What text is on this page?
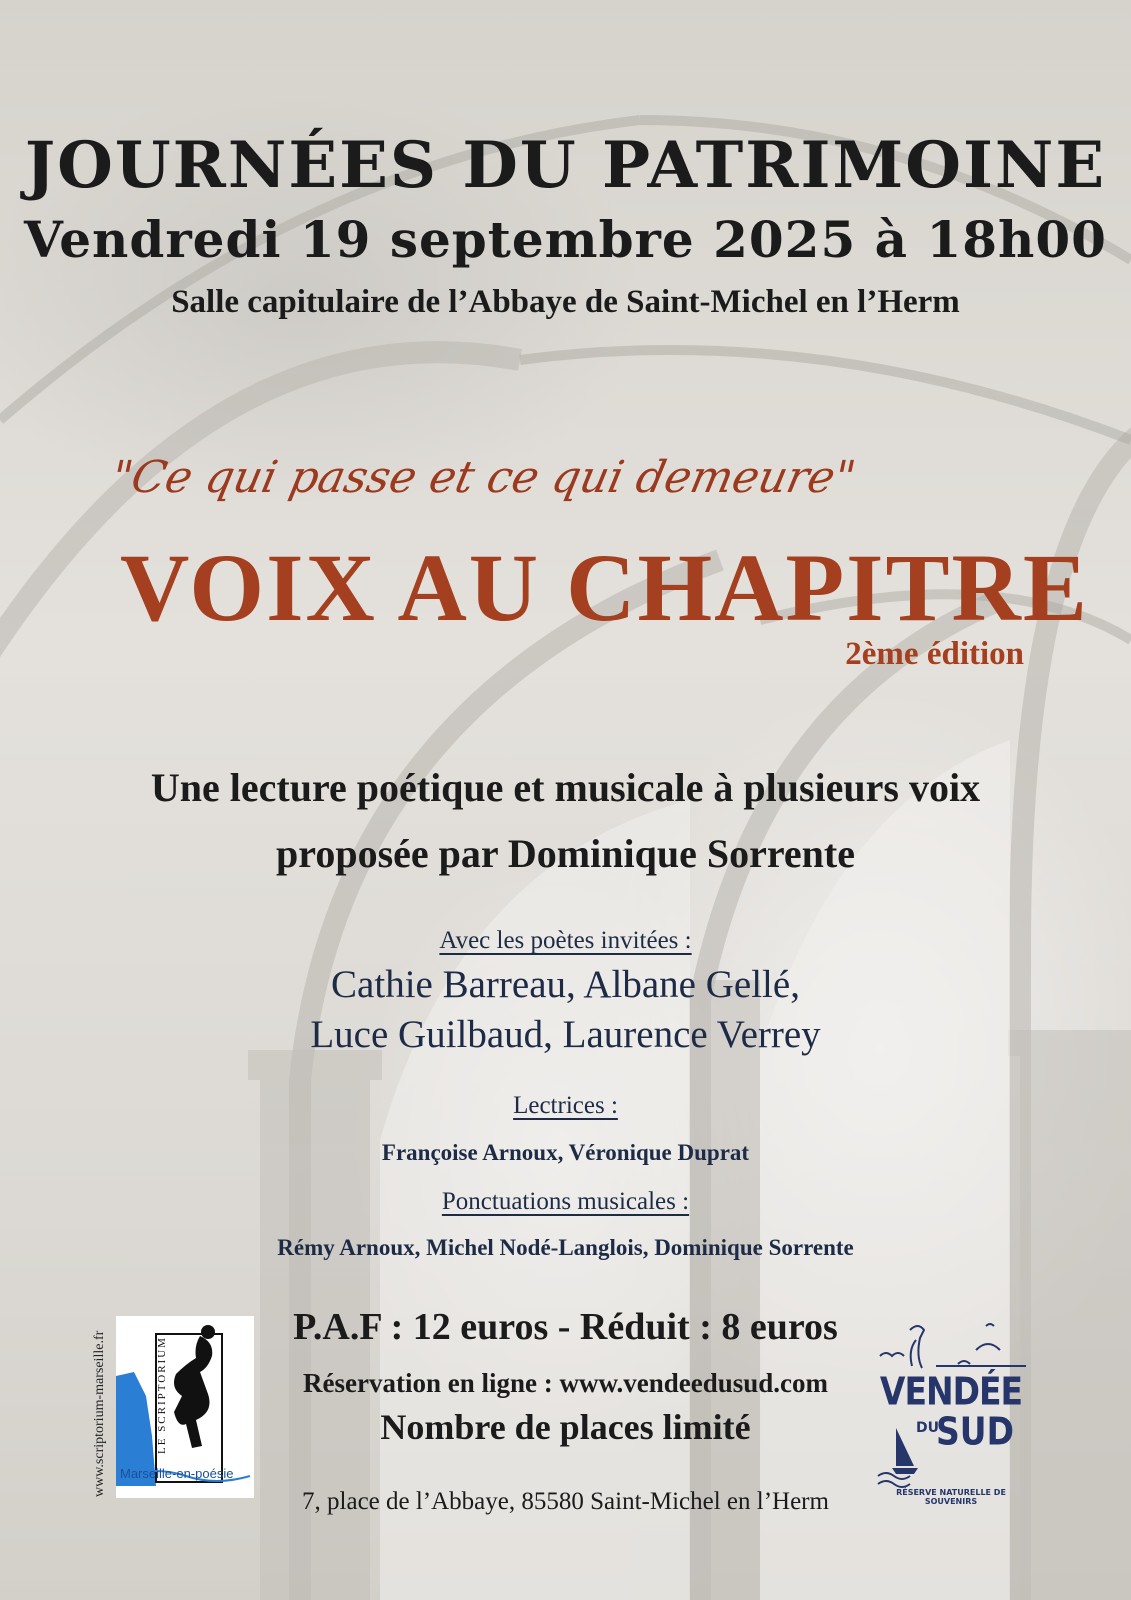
JOURNÉES DU PATRIMOINE

Vendredi 19 septembre 2025 à 18h00

Salle capitulaire de l’Abbaye de Saint-Michel en l’Herm

"Ce qui passe et ce qui demeure"

VOIX AU CHAPITRE

2ème édition

Une lecture poétique et musicale à plusieurs voix

proposée par Dominique Sorrente

Avec les poètes invitées :

Cathie Barreau, Albane Gellé,

Luce Guilbaud, Laurence Verrey

Lectrices :

Françoise Arnoux, Véronique Duprat

Ponctuations musicales :

Rémy Arnoux, Michel Nodé-Langlois, Dominique Sorrente

P.A.F : 12 euros - Réduit : 8 euros

Réservation en ligne : www.vendeedusud.com

Nombre de places limité

7, place de l’Abbaye, 85580 Saint-Michel en l’Herm

www.scriptorium-marseille.fr	LE SCRIPTORIUM

Marseille-en-poésie

VENDÉE

SUD

DU

RÉSERVE NATURELLE DE SOUVENIRS
